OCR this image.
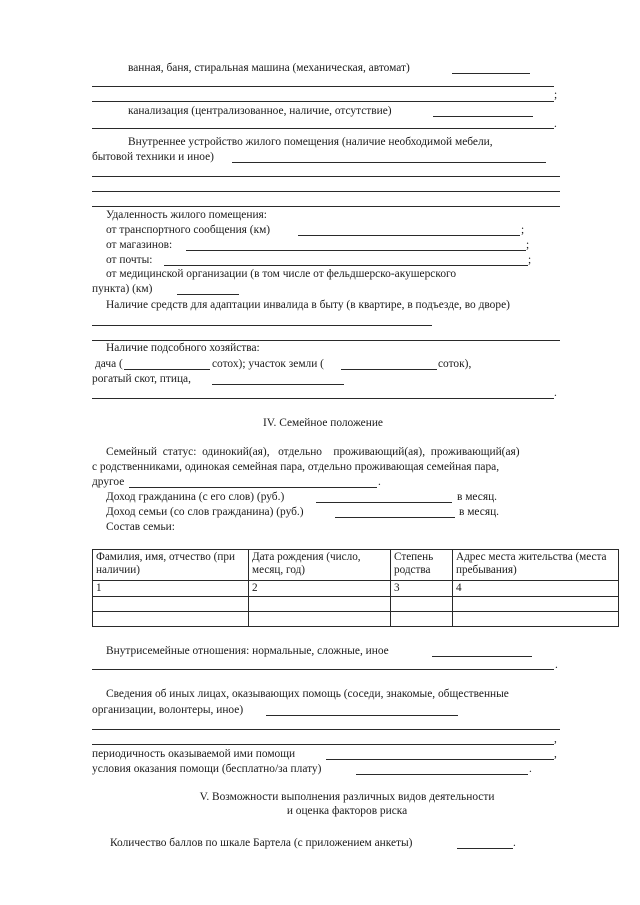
ванная, баня, стиральная машина (механическая, автомат)
;
канализация (централизованное, наличие, отсутствие)
.
Внутреннее устройство жилого помещения (наличие необходимой мебели,
бытовой техники и иное)
Удаленность жилого помещения:
от транспортного сообщения (км)	;
от магазинов:	;
от почты:	;
от медицинской организации (в том числе от фельдшерско-акушерского
пункта) (км)
Наличие средств для адаптации инвалида в быту (в квартире, в подъезде, во дворе)
Наличие подсобного хозяйства:
дача (	сотох); участок земли (	соток),
рогатый скот, птица,
.
IV. Семейное положение
Семейный  статус:  одинокий(ая),   отдельно    проживающий(ая),  проживающий(ая)
с родственниками, одинокая семейная пара, отдельно проживающая семейная пара,
другое	.
Доход гражданина (с его слов) (руб.)	в месяц.
Доход семьи (со слов гражданина) (руб.)	в месяц.
Состав семьи:
Фамилия, имя, отчество (при наличии)	Дата рождения (число, месяц, год)	Степень родства	Адрес места жительства (места пребывания)
1	2	3	4

Внутрисемейные отношения: нормальные, сложные, иное
.
Сведения об иных лицах, оказывающих помощь (соседи, знакомые, общественные
организации, волонтеры, иное)
,
периодичность оказываемой ими помощи	,
условия оказания помощи (бесплатно/за плату)	.
V. Возможности выполнения различных видов деятельности
и оценка факторов риска
Количество баллов по шкале Бартела (с приложением анкеты)	.
